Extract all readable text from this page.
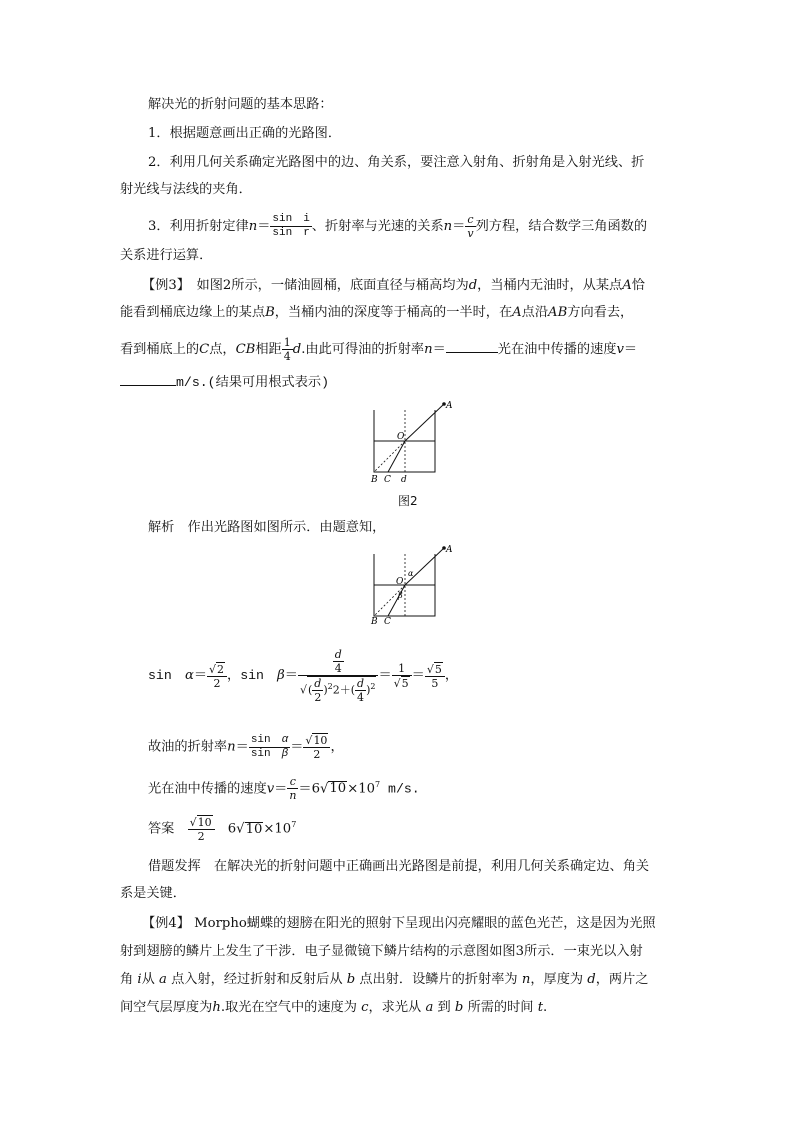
解决光的折射问题的基本思路：
1．根据题意画出正确的光路图．
2．利用几何关系确定光路图中的边、角关系，要注意入射角、折射角是入射光线、折
射光线与法线的夹角．
3．利用折射定律$n= \frac{\text{sin　i}}{\text{sin　r}}$ 、折射率与光速的关系$n= \frac{c}{v}$ 列方程，结合数学三角函数的
关系进行运算．
【例3】　 如图2所示，一储油圆桶，底面直径与桶高均为d，当桶内无油时，从某点A恰
能看到桶底边缘上的某点B，当桶内油的深度等于桶高的一半时，在A点沿AB方向看去，
看到桶底上的C点，CB相距 $\frac{1}{4} d$.由此可得油的折射率n＝	光在油中传播的速度v＝
m/s.(结果可用根式表示)
A
O
B C d
图2
解析　作出光路图如图所示．由题意知，
A
O
α
β
B C
sin　$\alpha= \frac{√2}{2}$ ，sin　$\beta= \frac{\frac{d}{4}}{√( \frac{d}{2} )^22+( \frac{d}{4} )^2} = \frac{1}{√5} = \frac{√5}{5}$ ，
故油的折射率$n= \frac{\text{sin　α}}{\text{sin　β}} = \frac{√10}{2}$ ，
光在油中传播的速度$v= \frac{c}{n} =6√10\times 10^7$ m/s.
答案　 $\frac{√10}{2}$
　 $6√10\times 10^7$
借题发挥　在解决光的折射问题中正确画出光路图是前提，利用几何关系确定边、角关
系是关键．
【例4】 Morpho蝴蝶的翅膀在阳光的照射下呈现出闪亮耀眼的蓝色光芒，这是因为光照
射到翅膀的鳞片上发生了干涉．电子显微镜下鳞片结构的示意图如图3所示．一束光以入射
角 i从 a 点入射，经过折射和反射后从 b 点出射．设鳞片的折射率为 n，厚度为 d，两片之
间空气层厚度为h.取光在空气中的速度为 c，求光从 a 到 b 所需的时间 t.
